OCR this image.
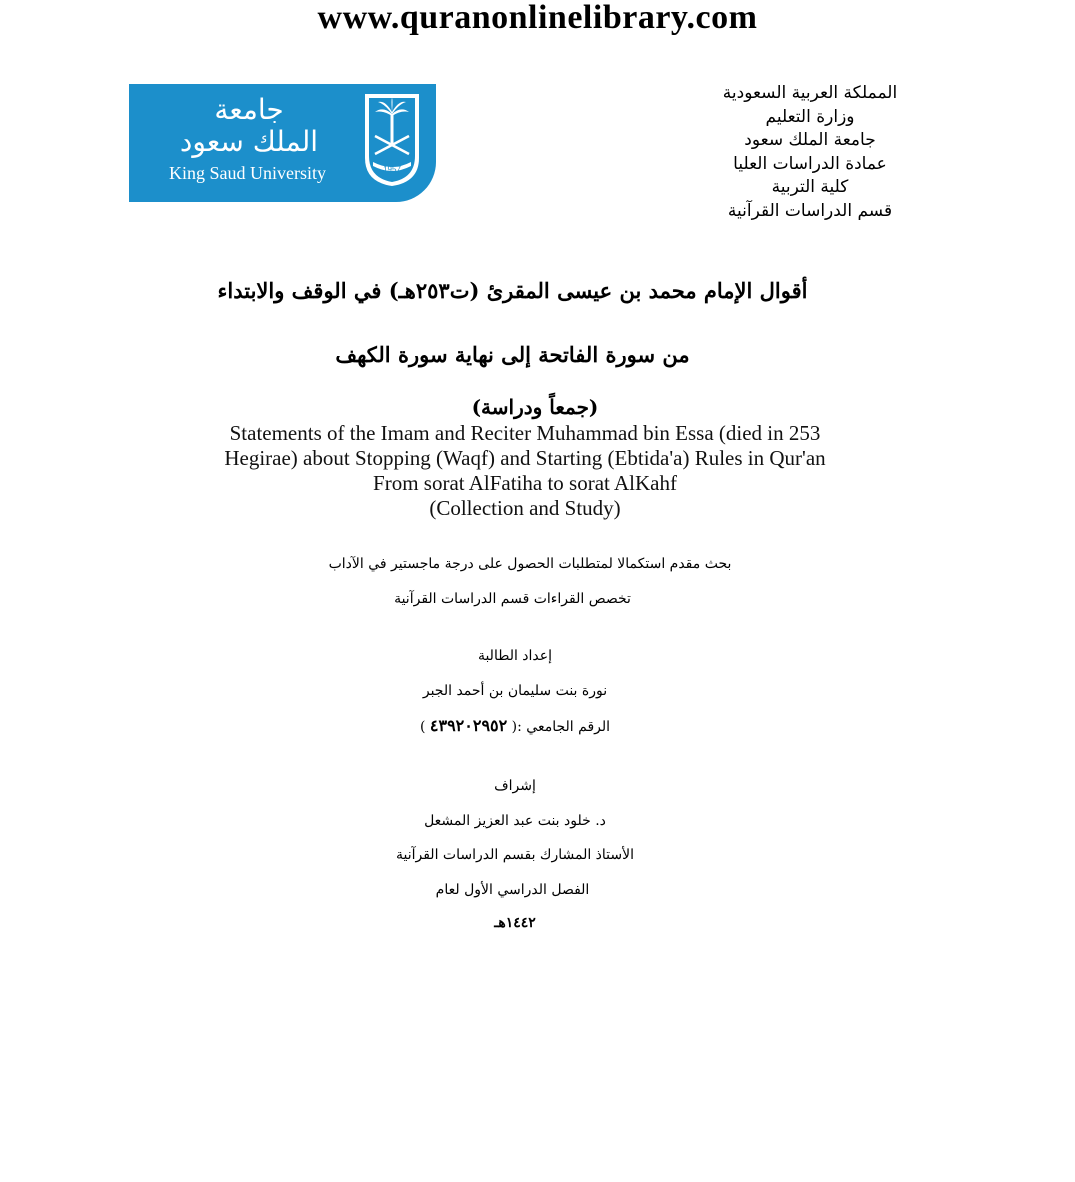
www.quranonlinelibrary.com
جامعة
الملك سعود
King Saud University	1957
المملكة العربية السعودية
وزارة التعليم
جامعة الملك سعود
عمادة الدراسات العليا
كلية التربية
قسم الدراسات القرآنية
أقوال الإمام محمد بن عيسى المقرئ (ت٢٥٣هـ) في الوقف والابتداء
من سورة الفاتحة إلى نهاية سورة الكهف
(جمعاً ودراسة)
Statements of the Imam and Reciter Muhammad bin Essa (died in 253
Hegirae) about Stopping (Waqf) and Starting (Ebtida'a) Rules in Qur'an
From sorat AlFatiha to sorat AlKahf
(Collection and Study)
بحث مقدم استكمالا لمتطلبات الحصول على درجة ماجستير في الآداب
تخصص القراءات قسم الدراسات القرآنية
إعداد الطالبة
نورة بنت سليمان بن أحمد الجبر
الرقم الجامعي :( ٤٣٩٢٠٢٩٥٢ )
إشراف
د. خلود بنت عبد العزيز المشعل
الأستاذ المشارك بقسم الدراسات القرآنية
الفصل الدراسي الأول لعام
١٤٤٢هـ
